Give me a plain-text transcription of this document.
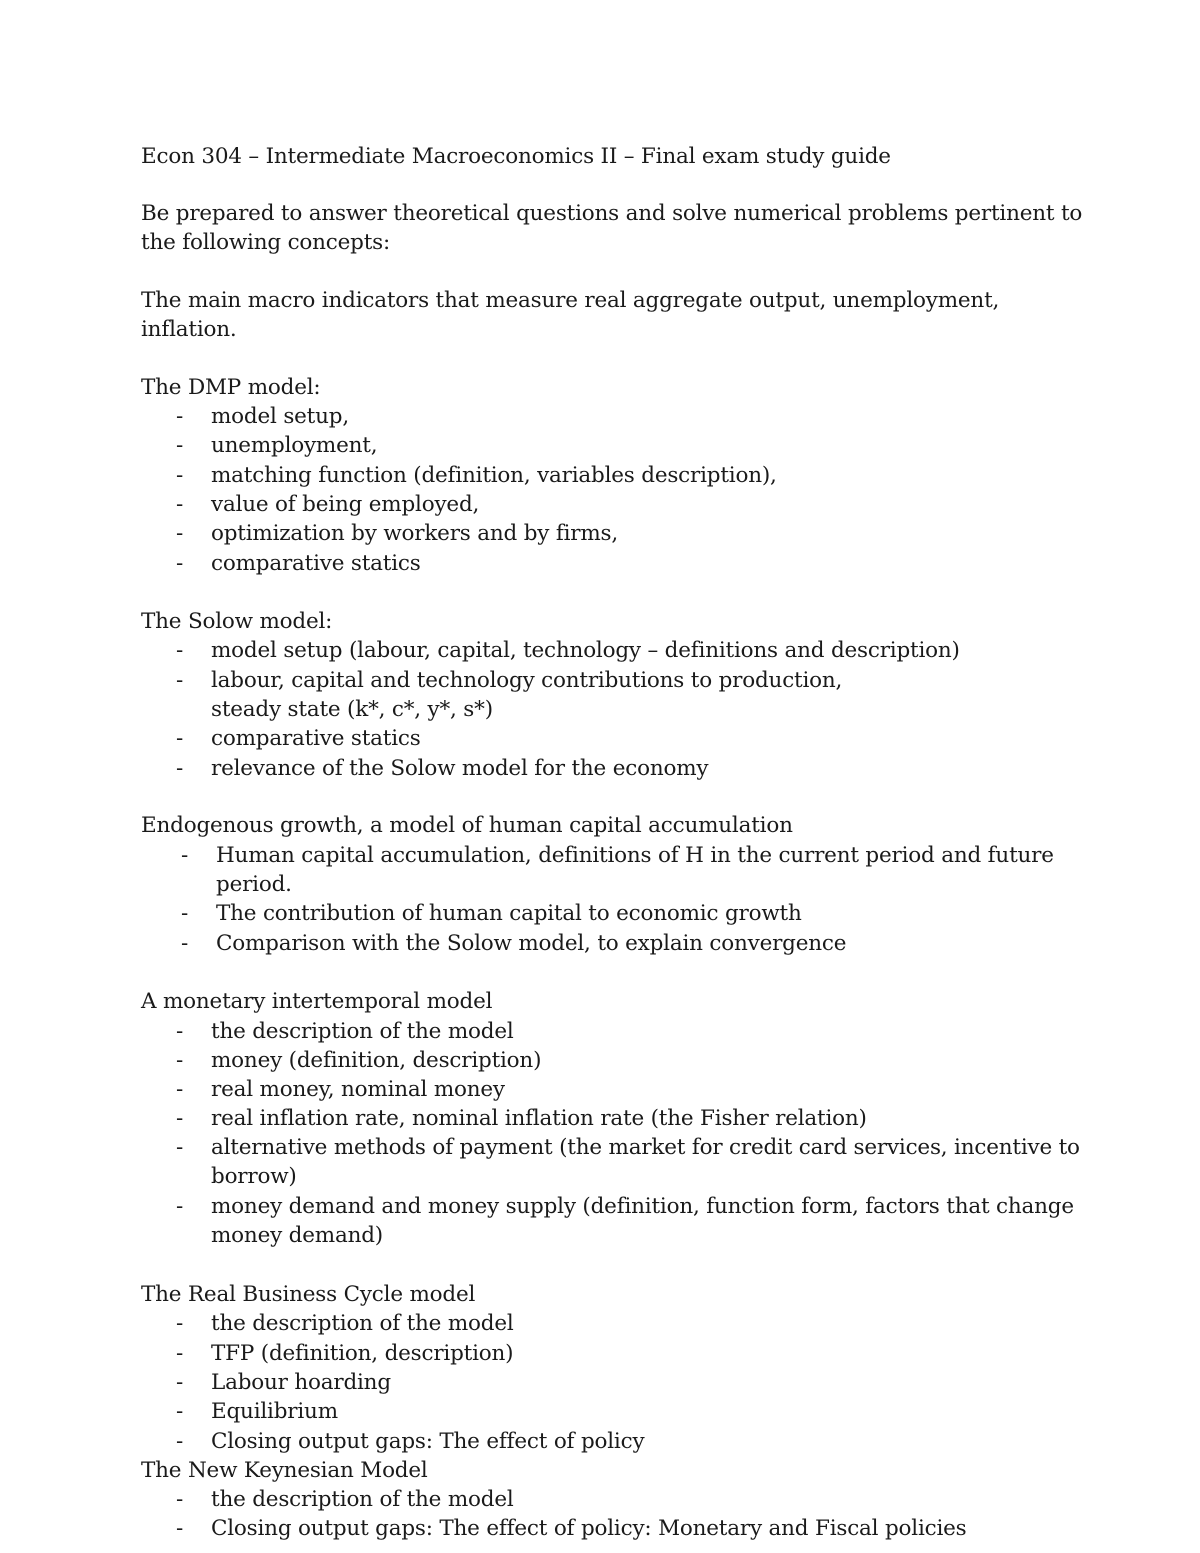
Econ 304 – Intermediate Macroeconomics II – Final exam study guide
Be prepared to answer theoretical questions and solve numerical problems pertinent to
the following concepts:
The main macro indicators that measure real aggregate output, unemployment,
inflation.
The DMP model:
- model setup,
- unemployment,
- matching function (definition, variables description),
- value of being employed,
- optimization by workers and by firms,
- comparative statics
The Solow model:
- model setup (labour, capital, technology – definitions and description)
- labour, capital and technology contributions to production,
steady state (k*, c*, y*, s*)
- comparative statics
- relevance of the Solow model for the economy
Endogenous growth, a model of human capital accumulation
- Human capital accumulation, definitions of H in the current period and future
period.
- The contribution of human capital to economic growth
- Comparison with the Solow model, to explain convergence
A monetary intertemporal model
- the description of the model
- money (definition, description)
- real money, nominal money
- real inflation rate, nominal inflation rate (the Fisher relation)
- alternative methods of payment (the market for credit card services, incentive to
borrow)
- money demand and money supply (definition, function form, factors that change
money demand)
The Real Business Cycle model
- the description of the model
- TFP (definition, description)
- Labour hoarding
- Equilibrium
- Closing output gaps: The effect of policy
The New Keynesian Model
- the description of the model
- Closing output gaps: The effect of policy: Monetary and Fiscal policies
